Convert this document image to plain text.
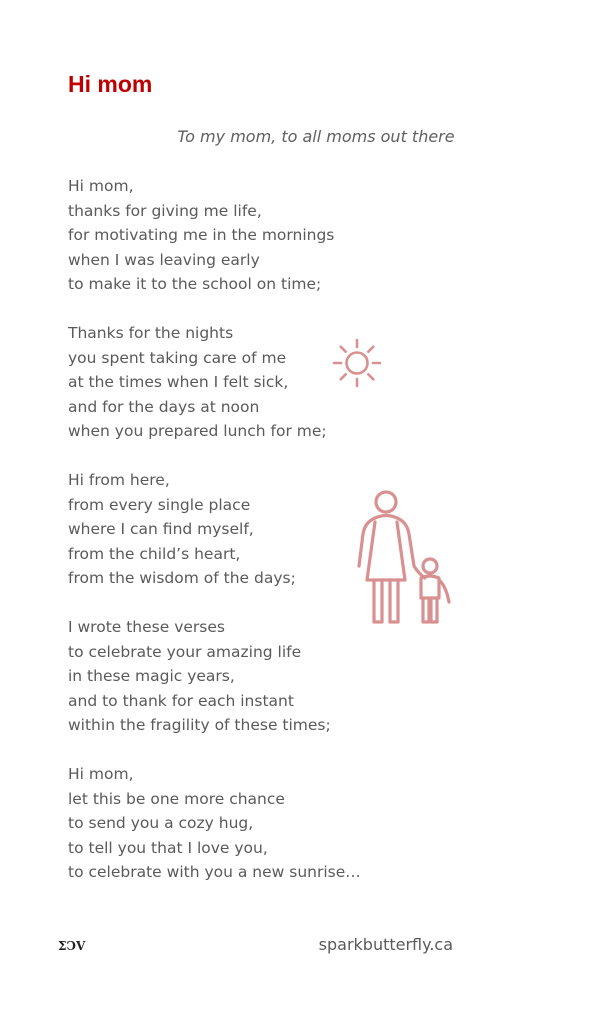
Hi mom

To my mom, to all moms out there

Hi mom,
thanks for giving me life,
for motivating me in the mornings
when I was leaving early
to make it to the school on time;
Thanks for the nights
you spent taking care of me
at the times when I felt sick,
and for the days at noon
when you prepared lunch for me;
Hi from here,
from every single place
where I can find myself,
from the child’s heart,
from the wisdom of the days;
I wrote these verses
to celebrate your amazing life
in these magic years,
and to thank for each instant
within the fragility of these times;
Hi mom,
let this be one more chance
to send you a cozy hug,
to tell you that I love you,
to celebrate with you a new sunrise…
ΣϽV	sparkbutterfly.ca
